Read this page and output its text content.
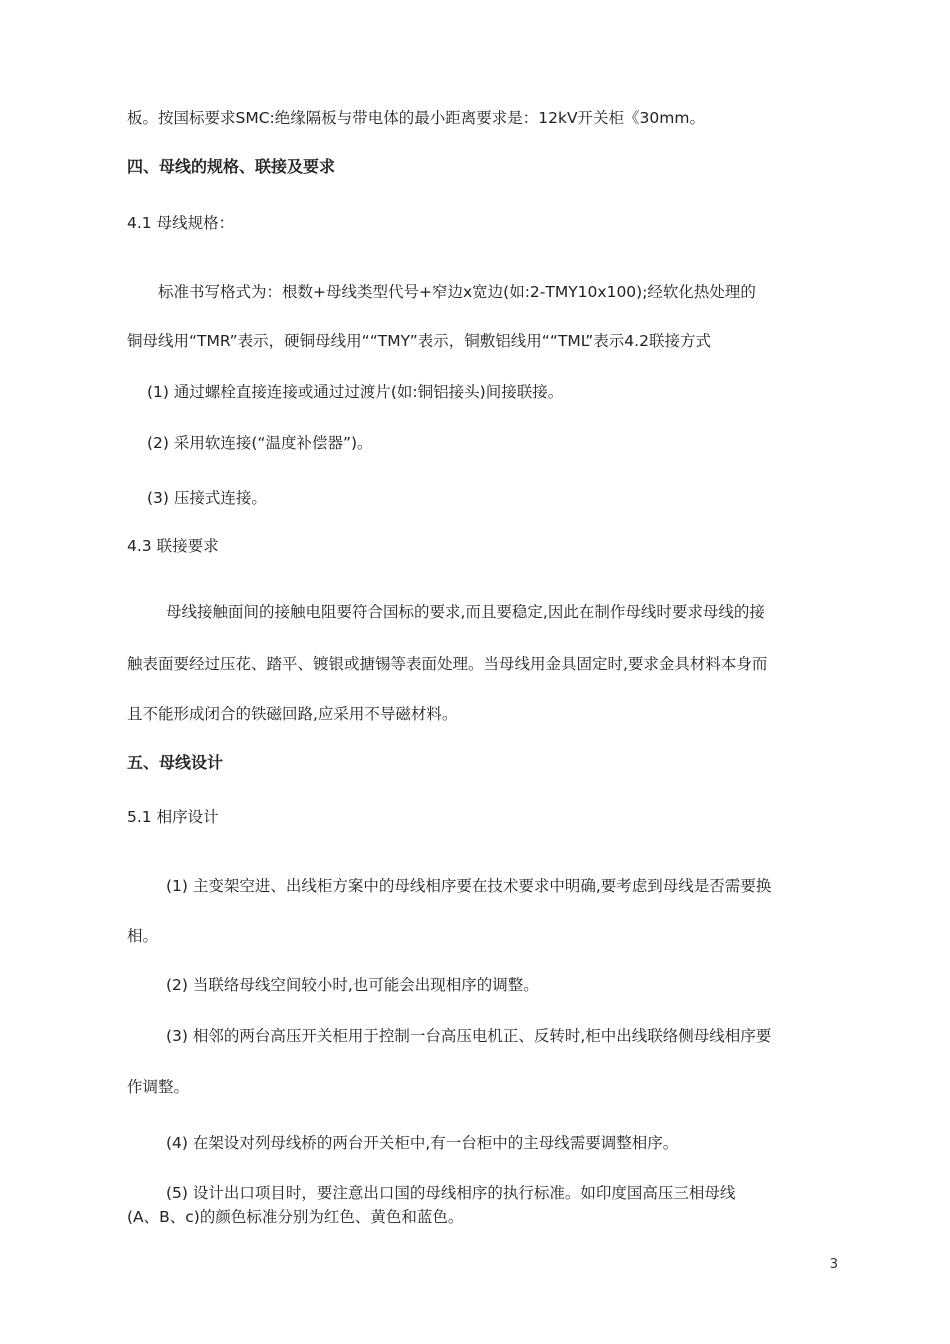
板。按国标要求SMC:绝缘隔板与带电体的最小距离要求是：12kV开关柜《30mm。
四、母线的规格、联接及要求
4.1 母线规格：
标准书写格式为：根数+母线类型代号+窄边x宽边(如:2-TMY10x100);经软化热处理的
铜母线用“TMR”表示，硬铜母线用““TMY”表示，铜敷铝线用““TML”表示4.2联接方式
(1) 通过螺栓直接连接或通过过渡片(如:铜铝接头)间接联接。
(2) 采用软连接(“温度补偿器”)。
(3) 压接式连接。
4.3 联接要求
母线接触面间的接触电阻要符合国标的要求,而且要稳定,因此在制作母线时要求母线的接
触表面要经过压花、踏平、镀银或搪锡等表面处理。当母线用金具固定时,要求金具材料本身而
且不能形成闭合的铁磁回路,应采用不导磁材料。
五、母线设计
5.1 相序设计
(1) 主变架空进、出线柜方案中的母线相序要在技术要求中明确,要考虑到母线是否需要换
相。
(2) 当联络母线空间较小时,也可能会出现相序的调整。
(3) 相邻的两台高压开关柜用于控制一台高压电机正、反转时,柜中出线联络侧母线相序要
作调整。
(4) 在架设对列母线桥的两台开关柜中,有一台柜中的主母线需要调整相序。
(5) 设计出口项目时，要注意出口国的母线相序的执行标准。如印度国高压三相母线
(A、B、c)的颜色标准分别为红色、黄色和蓝色。
3
